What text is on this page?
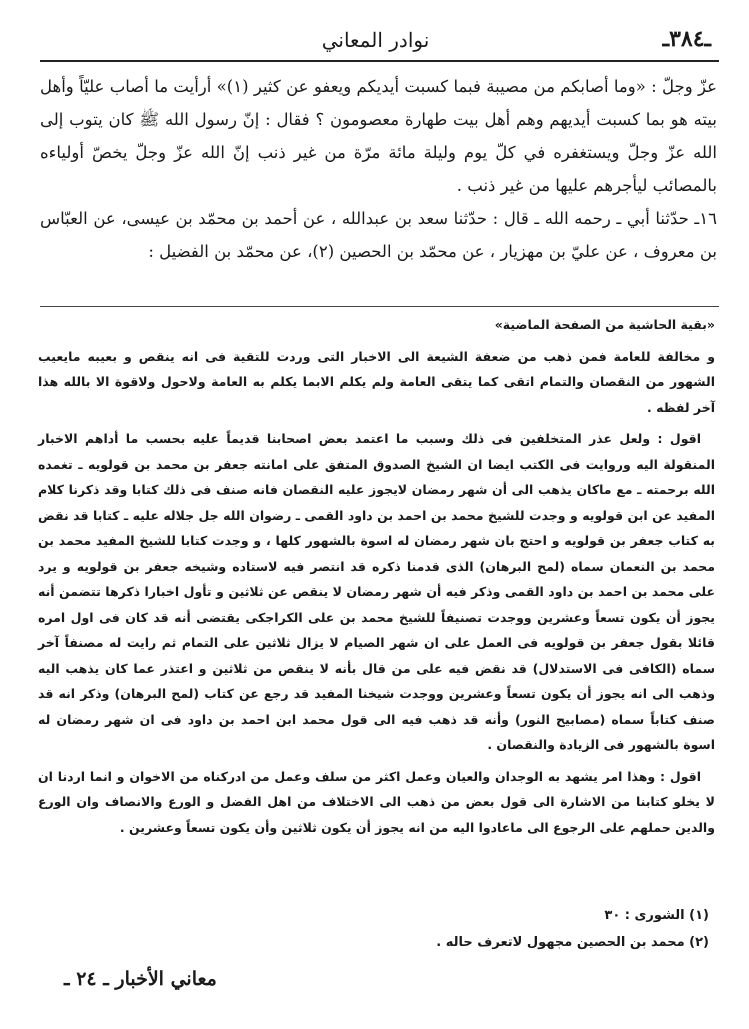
ـ٣٨٤ـ
نوادر المعاني

عزّ وجلّ : «وما أصابكم من مصيبة فبما كسبت أيديكم ويعفو عن كثير (١)» أرأيت ما أصاب عليّاً وأهل بيته هو بما كسبت أيديهم وهم أهل بيت طهارة معصومون ؟ فقال : إنّ رسول الله ﷺ كان يتوب إلى الله عزّ وجلّ ويستغفره في كلّ يوم وليلة مائة مرّة من غير ذنب إنّ الله عزّ وجلّ يخصّ أولياءه بالمصائب ليأجرهم عليها من غير ذنب .

١٦ـ حدّثنا أبي ـ رحمه الله ـ قال : حدّثنا سعد بن عبدالله ، عن أحمد بن محمّد بن عيسى، عن العبّاس بن معروف ، عن عليّ بن مهزيار ، عن محمّد بن الحصين (٢)، عن محمّد بن الفضيل :

«بقية الحاشية من الصفحة الماضية»

و مخالفة للعامة فمن ذهب من ضعفة الشيعة الى الاخبار التى وردت للتقية فى انه ينقص و بعيبه مايعيب الشهور من النقصان والتمام اتقى كما يتقى العامة ولم يكلم الابما يكلم به العامة ولاحول ولاقوة الا بالله هذا آخر لفظه .

اقول : ولعل عذر المتخلفين فى ذلك وسبب ما اعتمد بعض اصحابنا قديماً عليه بحسب ما أداهم الاخبار المنقولة اليه وروايت فى الكتب ايضا ان الشيخ الصدوق المتفق على امانته جعفر بن محمد بن قولويه ـ تغمده الله برحمته ـ مع ماكان يذهب الى أن شهر رمضان لايجوز عليه النقصان فانه صنف فى ذلك كتابا وقد ذكرنا كلام المفيد عن ابن قولويه و وجدت للشيخ محمد بن احمد بن داود القمى ـ رضوان الله جل جلاله عليه ـ كتابا قد نقض به كتاب جعفر بن قولويه و احتج بان شهر رمضان له اسوة بالشهور كلها ، و وجدت كتابا للشيخ المفيد محمد بن محمد بن النعمان سماه (لمح البرهان) الذى قدمنا ذكره قد انتصر فيه لاستاده وشيخه جعفر بن قولويه و يرد على محمد بن احمد بن داود القمى وذكر فيه أن شهر رمضان لا ينقص عن ثلاثين و تأول اخبارا ذكرها تتضمن أنه يجوز أن يكون تسعاً وعشرين ووجدت تصنيفاً للشيخ محمد بن على الكراجكى يقتضى أنه قد كان فى اول امره قائلا بقول جعفر بن قولويه فى العمل على ان شهر الصيام لا يزال ثلاثين على التمام ثم رايت له مصنفاً آخر سماه (الكافى فى الاستدلال) قد نقض فيه على من قال بأنه لا ينقص من ثلاثين و اعتذر عما كان يذهب اليه وذهب الى انه يجوز أن يكون تسعاً وعشرين ووجدت شيخنا المفيد قد رجع عن كتاب (لمح البرهان) وذكر انه قد صنف كتاباً سماه (مصابيح النور) وأنه قد ذهب فيه الى قول محمد ابن احمد بن داود فى ان شهر رمضان له اسوة بالشهور فى الزيادة والنقصان .

اقول : وهذا امر يشهد به الوجدان والعيان وعمل اكثر من سلف وعمل من ادركناه من الاخوان و انما اردنا ان لا يخلو كتابنا من الاشارة الى قول بعض من ذهب الى الاختلاف من اهل الفضل و الورع والانصاف وان الورع والدين حملهم على الرجوع الى ماعادوا اليه من انه يجوز أن يكون ثلاثين وأن يكون تسعاً وعشرين .

(١) الشورى : ٣٠
(٢) محمد بن الحصين مجهول لاتعرف حاله .
معاني الأخبار ـ ٢٤ ـ
